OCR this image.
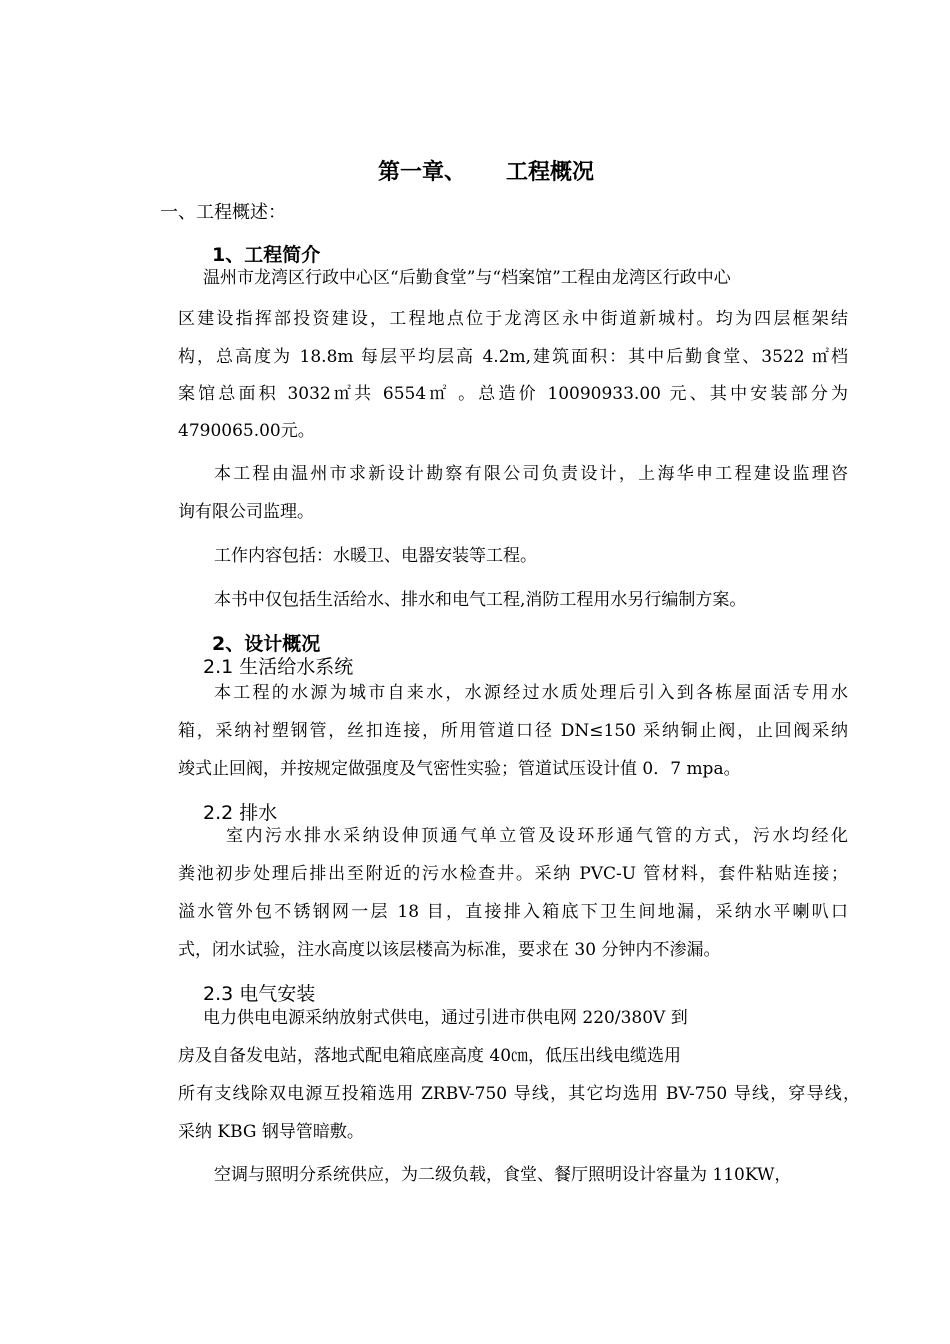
第一章、 工程概况
一、工程概述：
1、工程简介
温州市龙湾区行政中心区“后勤食堂”与“档案馆”工程由龙湾区行政中心
区建设指挥部投资建设，工程地点位于龙湾区永中街道新城村。均为四层框架结
构，总高度为 18.8m 每层平均层高 4.2m,建筑面积：其中后勤食堂、3522 ㎡档
案馆总面积 3032㎡共 6554㎡ 。总造价 10090933.00 元、其中安装部分为
4790065.00元。
本工程由温州市求新设计勘察有限公司负责设计，上海华申工程建设监理咨
询有限公司监理。
工作内容包括：水暖卫、电器安装等工程。
本书中仅包括生活给水、排水和电气工程,消防工程用水另行编制方案。
2、设计概况
2.1 生活给水系统
本工程的水源为城市自来水，水源经过水质处理后引入到各栋屋面活专用水
箱，采纳衬塑钢管，丝扣连接，所用管道口径 DN≤150 采纳铜止阀，止回阀采纳
竣式止回阀，并按规定做强度及气密性实验；管道试压设计值 0．7 mpa。
2.2 排水
室内污水排水采纳设伸顶通气单立管及设环形通气管的方式，污水均经化
粪池初步处理后排出至附近的污水检查井。采纳 PVC-U 管材料，套件粘贴连接；
溢水管外包不锈钢网一层 18 目，直接排入箱底下卫生间地漏，采纳水平喇叭口
式，闭水试验，注水高度以该层楼高为标准，要求在 30 分钟内不渗漏。
2.3 电气安装
电力供电电源采纳放射式供电，通过引进市供电网 220/380V 到
房及自备发电站，落地式配电箱底座高度 40㎝，低压出线电缆选用
所有支线除双电源互投箱选用 ZRBV-750 导线，其它均选用 BV-750 导线，穿导线，
采纳 KBG 钢导管暗敷。
空调与照明分系统供应，为二级负载，食堂、餐厅照明设计容量为 110KW，
